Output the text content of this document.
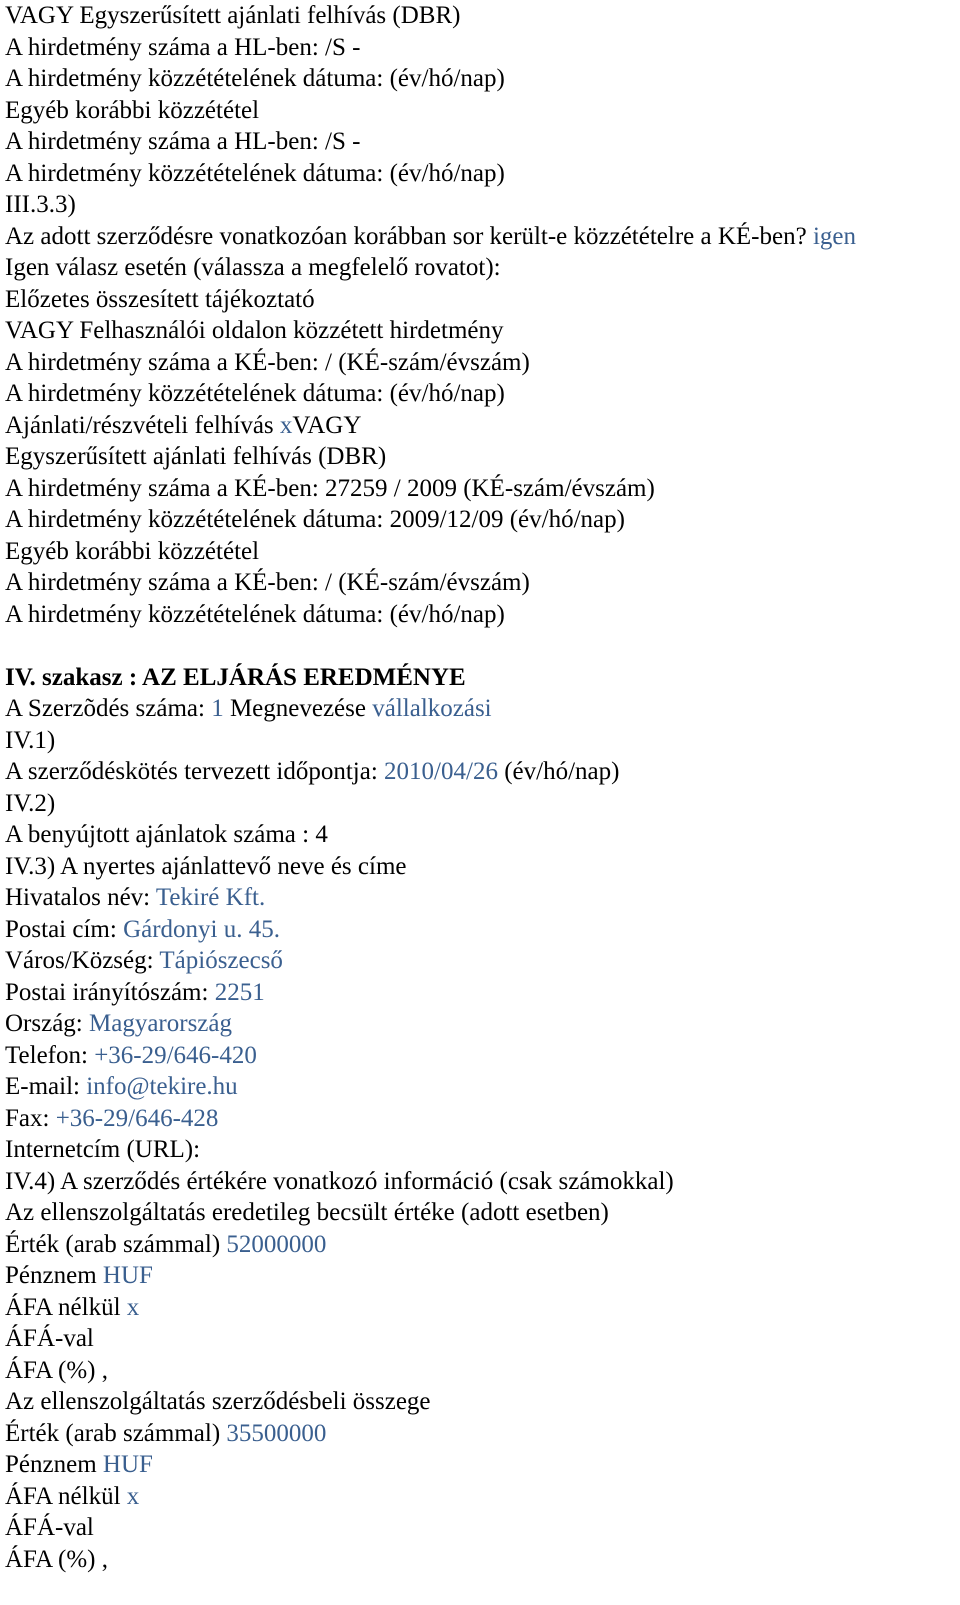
VAGY Egyszerűsített ajánlati felhívás (DBR)
A hirdetmény száma a HL-ben: /S -
A hirdetmény közzétételének dátuma: (év/hó/nap)
Egyéb korábbi közzététel
A hirdetmény száma a HL-ben: /S -
A hirdetmény közzétételének dátuma: (év/hó/nap)
III.3.3)
Az adott szerződésre vonatkozóan korábban sor került-e közzétételre a KÉ-ben? igen
Igen válasz esetén (válassza a megfelelő rovatot):
Előzetes összesített tájékoztató
VAGY Felhasználói oldalon közzétett hirdetmény
A hirdetmény száma a KÉ-ben: / (KÉ-szám/évszám)
A hirdetmény közzétételének dátuma: (év/hó/nap)
Ajánlati/részvételi felhívás xVAGY
Egyszerűsített ajánlati felhívás (DBR)
A hirdetmény száma a KÉ-ben: 27259 / 2009 (KÉ-szám/évszám)
A hirdetmény közzétételének dátuma: 2009/12/09 (év/hó/nap)
Egyéb korábbi közzététel
A hirdetmény száma a KÉ-ben: / (KÉ-szám/évszám)
A hirdetmény közzétételének dátuma: (év/hó/nap)
IV. szakasz : AZ ELJÁRÁS EREDMÉNYE
A Szerzõdés száma: 1 Megnevezése vállalkozási
IV.1)
A szerződéskötés tervezett időpontja: 2010/04/26 (év/hó/nap)
IV.2)
A benyújtott ajánlatok száma : 4
IV.3) A nyertes ajánlattevő neve és címe
Hivatalos név: Tekiré Kft.
Postai cím: Gárdonyi u. 45.
Város/Község: Tápiószecső
Postai irányítószám: 2251
Ország: Magyarország
Telefon: +36-29/646-420
E-mail: info@tekire.hu
Fax: +36-29/646-428
Internetcím (URL):
IV.4) A szerződés értékére vonatkozó információ (csak számokkal)
Az ellenszolgáltatás eredetileg becsült értéke (adott esetben)
Érték (arab számmal) 52000000
Pénznem HUF
ÁFA nélkül x
ÁFÁ-val
ÁFA (%) ,
Az ellenszolgáltatás szerződésbeli összege
Érték (arab számmal) 35500000
Pénznem HUF
ÁFA nélkül x
ÁFÁ-val
ÁFA (%) ,
